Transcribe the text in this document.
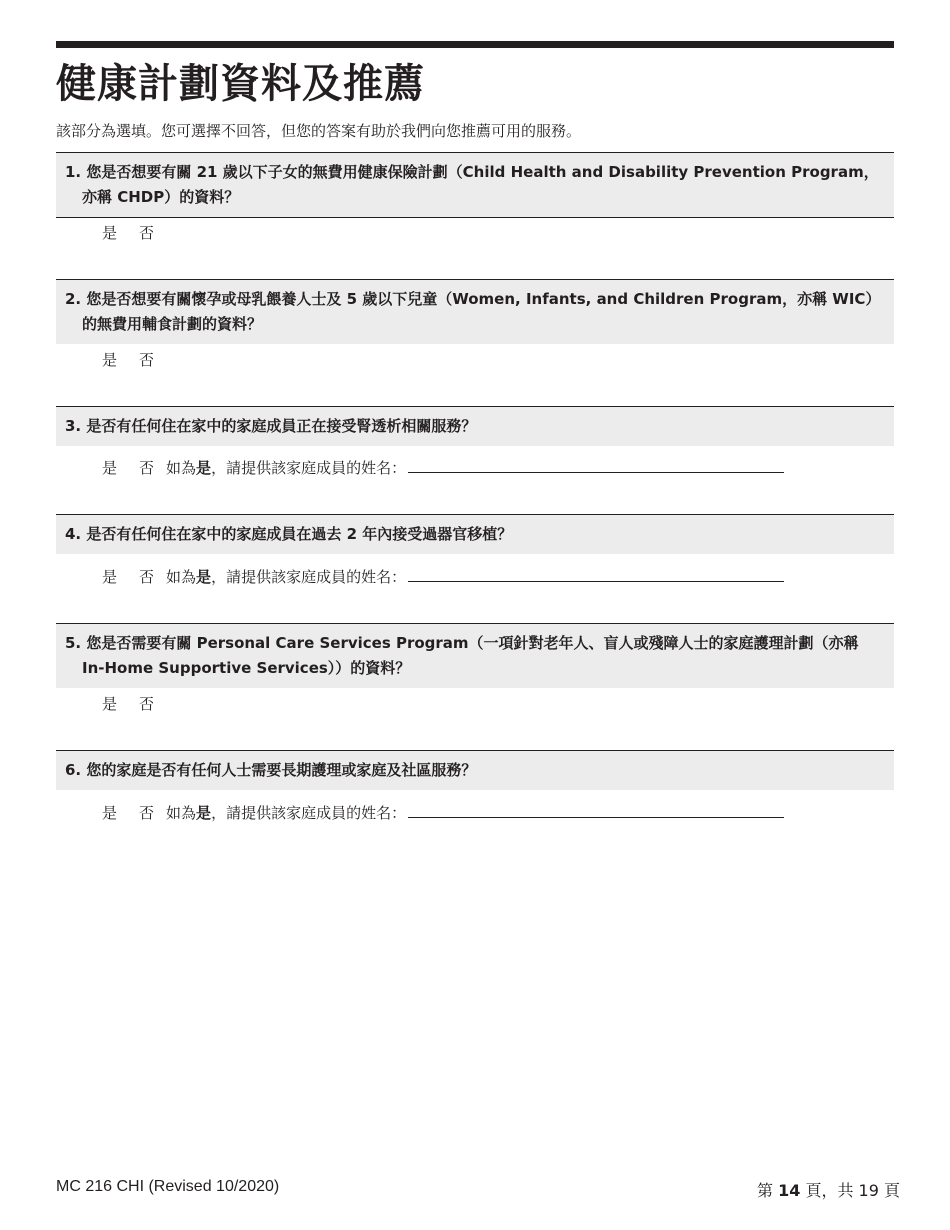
健康計劃資料及推薦
該部分為選填。您可選擇不回答，但您的答案有助於我們向您推薦可用的服務。
1. 您是否想要有關 21 歲以下子女的無費用健康保險計劃（Child Health and Disability Prevention Program，亦稱 CHDP）的資料？
是 否
2. 您是否想要有關懷孕或母乳餵養人士及 5 歲以下兒童（Women, Infants, and Children Program，亦稱 WIC）的無費用輔食計劃的資料？
是 否
3. 是否有任何住在家中的家庭成員正在接受腎透析相關服務？
是 否 如為是，請提供該家庭成員的姓名：
4. 是否有任何住在家中的家庭成員在過去 2 年內接受過器官移植？
是 否 如為是，請提供該家庭成員的姓名：
5. 您是否需要有關 Personal Care Services Program（一項針對老年人、盲人或殘障人士的家庭護理計劃（亦稱 In-Home Supportive Services））的資料？
是 否
6. 您的家庭是否有任何人士需要長期護理或家庭及社區服務？
是 否 如為是，請提供該家庭成員的姓名：
MC 216 CHI (Revised 10/2020)	第 14 頁，共 19 頁
